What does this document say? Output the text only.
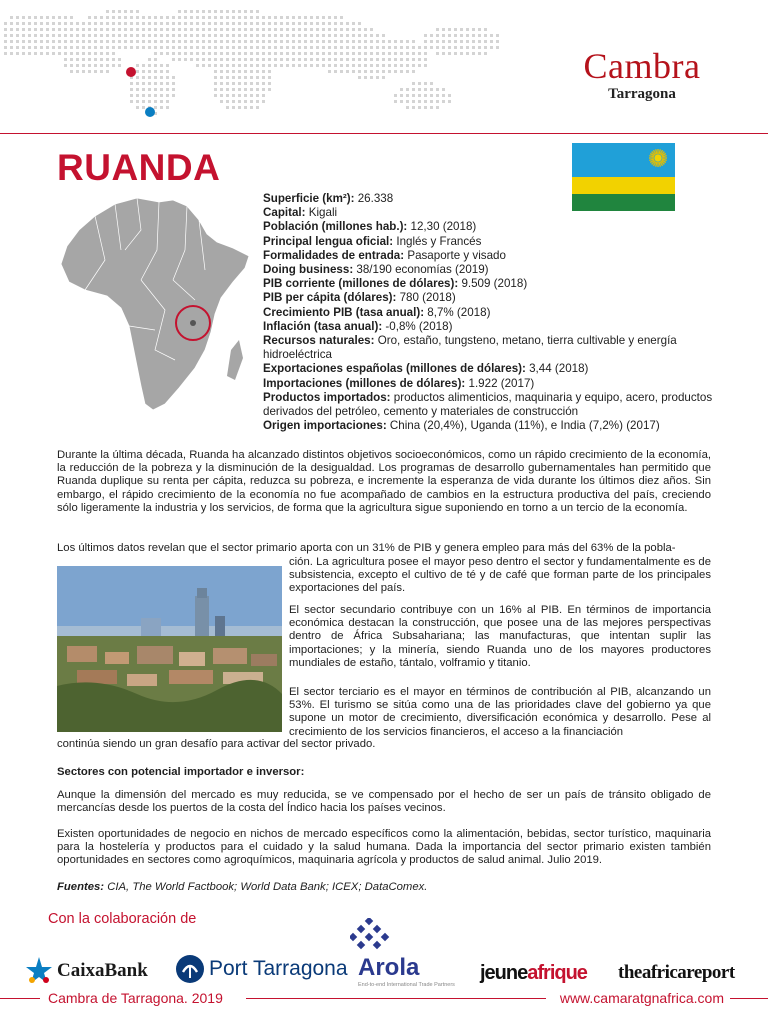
Cambra
Tarragona
RUANDA
Superficie (km²): 26.338
Capital: Kigali
Población (millones hab.): 12,30 (2018)
Principal lengua oficial: Inglés y Francés
Formalidades de entrada: Pasaporte y visado
Doing business: 38/190 economías (2019)
PIB corriente (millones de dólares): 9.509 (2018)
PIB per cápita (dólares): 780 (2018)
Crecimiento PIB (tasa anual): 8,7% (2018)
Inflación (tasa anual): -0,8% (2018)
Recursos naturales: Oro, estaño, tungsteno, metano, tierra cultivable y energía hidroeléctrica
Exportaciones españolas (millones de dólares): 3,44 (2018)
Importaciones (millones de dólares): 1.922 (2017)
Productos importados: productos alimenticios, maquinaria y equipo, acero, productos derivados del petróleo, cemento y materiales de construcción
Origen importaciones: China (20,4%), Uganda (11%), e India (7,2%) (2017)

Durante la última década, Ruanda ha alcanzado distintos objetivos socioeconómicos, como un rápido crecimiento de la economía, la reducción de la pobreza y la disminución de la desigualdad. Los programas de desarrollo gubernamentales han permitido que Ruanda duplique su renta per cápita, reduzca su pobreza, e incremente la esperanza de vida durante los últimos diez años. Sin embargo, el rápido crecimiento de la economía no fue acompañado de cambios en la estructura productiva del país, creciendo sólo ligeramente la industria y los servicios, de forma que la agricultura sigue suponiendo en torno a un tercio de la economía.

Los últimos datos revelan que el sector primario aporta con un 31% de PIB y genera empleo para más del 63% de la pobla-

ción. La agricultura posee el mayor peso dentro el sector y fundamentalmente es de subsistencia, excepto el cultivo de té y de café que forman parte de los principales exportaciones del país.

El sector secundario contribuye con un 16% al PIB. En términos de importancia económica destacan la construcción, que posee una de las mejores perspectivas dentro de África Subsahariana; las manufacturas, que intentan suplir las importaciones; y la minería, siendo Ruanda uno de los mayores productores mundiales de estaño, tántalo, volframio y titanio.

El sector terciario es el mayor en términos de contribución al PIB, alcanzando un 53%. El turismo se sitúa como una de las prioridades clave del gobierno ya que supone un motor de crecimiento, diversificación económica y desarrollo. Pese al crecimiento de los servicios financieros, el acceso a la financiación

continúa siendo un gran desafío para activar del sector privado.

Sectores con potencial importador e inversor:

Aunque la dimensión del mercado es muy reducida, se ve compensado por el hecho de ser un país de tránsito obligado de mercancías desde los puertos de la costa del Índico hacia los países vecinos.

Existen oportunidades de negocio en nichos de mercado específicos como la alimentación, bebidas, sector turístico, maquinaria para la hostelería y productos para el cuidado y la salud humana. Dada la importancia del sector primario existen también oportunidades en sectores como agroquímicos, maquinaria agrícola y productos de salud animal. Julio 2019.

Fuentes: CIA, The World Factbook; World Data Bank; ICEX; DataComex.

Con la colaboración de
CaixaBank	Port Tarragona Arola
End-to-end International Trade Partners
jeuneafrique theafricareport
Cambra de Tarragona. 2019	www.camaratgnafrica.com
